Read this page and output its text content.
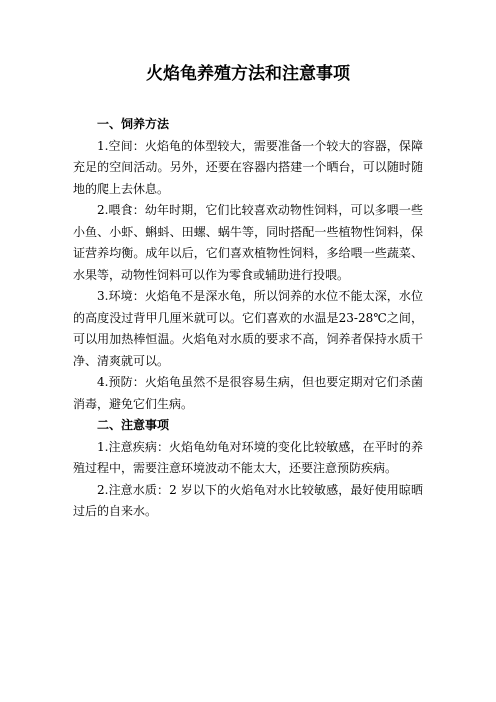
火焰龟养殖方法和注意事项
一、饲养方法

1.空间：火焰龟的体型较大，需要准备一个较大的容器，保障充足的空间活动。另外，还要在容器内搭建一个晒台，可以随时随地的爬上去休息。

2.喂食：幼年时期，它们比较喜欢动物性饲料，可以多喂一些小鱼、小虾、蝌蚪、田螺、蜗牛等，同时搭配一些植物性饲料，保证营养均衡。成年以后，它们喜欢植物性饲料，多给喂一些蔬菜、水果等，动物性饲料可以作为零食或辅助进行投喂。

3.环境：火焰龟不是深水龟，所以饲养的水位不能太深，水位的高度没过背甲几厘米就可以。它们喜欢的水温是23-28℃之间，可以用加热棒恒温。火焰龟对水质的要求不高，饲养者保持水质干净、清爽就可以。

4.预防：火焰龟虽然不是很容易生病，但也要定期对它们杀菌消毒，避免它们生病。

二、注意事项

1.注意疾病：火焰龟幼龟对环境的变化比较敏感，在平时的养殖过程中，需要注意环境波动不能太大，还要注意预防疾病。

2.注意水质：2 岁以下的火焰龟对水比较敏感，最好使用晾晒过后的自来水。
